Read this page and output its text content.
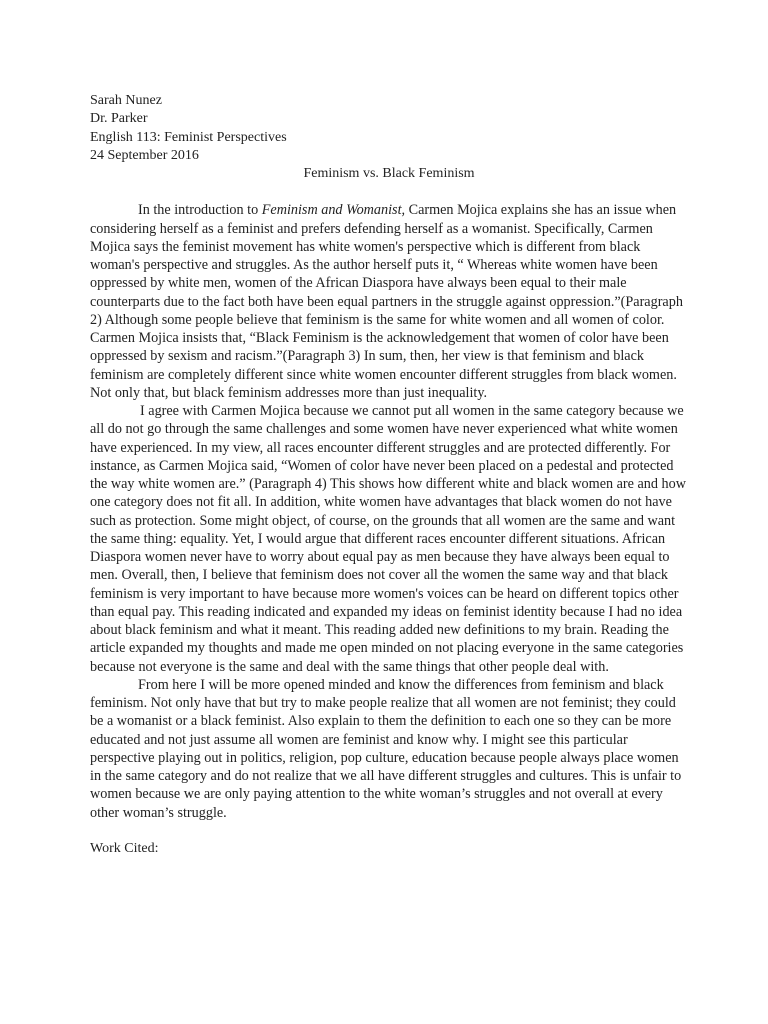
Sarah Nunez
Dr. Parker
English 113: Feminist Perspectives
24 September 2016
Feminism vs. Black Feminism

In the introduction to Feminism and Womanist, Carmen Mojica explains she has an issue when considering herself as a feminist and prefers defending herself as a womanist. Specifically, Carmen Mojica says the feminist movement has white women's perspective which is different from black woman's perspective and struggles. As the author herself puts it, “ Whereas white women have been oppressed by white men, women of the African Diaspora have always been equal to their male counterparts due to the fact both have been equal partners in the struggle against oppression.”(Paragraph 2) Although some people believe that feminism is the same for white women and all women of color. Carmen Mojica insists that, “Black Feminism is the acknowledgement that women of color have been oppressed by sexism and racism.”(Paragraph 3) In sum, then, her view is that feminism and black feminism are completely different since white women encounter different struggles from black women. Not only that, but black feminism addresses more than just inequality.

I agree with Carmen Mojica because we cannot put all women in the same category because we all do not go through the same challenges and some women have never experienced what white women have experienced. In my view, all races encounter different struggles and are protected differently. For instance, as Carmen Mojica said, “Women of color have never been placed on a pedestal and protected the way white women are.” (Paragraph 4) This shows how different white and black women are and how one category does not fit all. In addition, white women have advantages that black women do not have such as protection. Some might object, of course, on the grounds that all women are the same and want the same thing: equality. Yet, I would argue that different races encounter different situations. African Diaspora women never have to worry about equal pay as men because they have always been equal to men. Overall, then, I believe that feminism does not cover all the women the same way and that black feminism is very important to have because more women's voices can be heard on different topics other than equal pay. This reading indicated and expanded my ideas on feminist identity because I had no idea about black feminism and what it meant. This reading added new definitions to my brain. Reading the article expanded my thoughts and made me open minded on not placing everyone in the same categories because not everyone is the same and deal with the same things that other people deal with.

From here I will be more opened minded and know the differences from feminism and black feminism. Not only have that but try to make people realize that all women are not feminist; they could be a womanist or a black feminist. Also explain to them the definition to each one so they can be more educated and not just assume all women are feminist and know why. I might see this particular perspective playing out in politics, religion, pop culture, education because people always place women in the same category and do not realize that we all have different struggles and cultures. This is unfair to women because we are only paying attention to the white woman’s struggles and not overall at every other woman’s struggle.

Work Cited:
